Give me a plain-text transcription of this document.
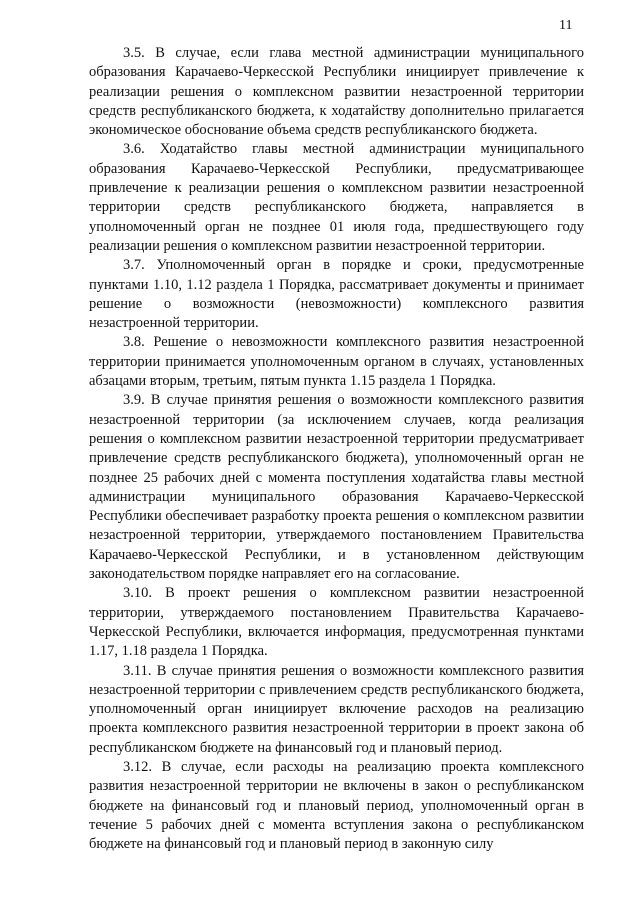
11

3.5. В случае, если глава местной администрации муниципального образования Карачаево-Черкесской Республики инициирует привлечение к реализации решения о комплексном развитии незастроенной территории средств республиканского бюджета, к ходатайству дополнительно прилагается экономическое обоснование объема средств республиканского бюджета.

3.6. Ходатайство главы местной администрации муниципального образования Карачаево-Черкесской Республики, предусматривающее привлечение к реализации решения о комплексном развитии незастроенной территории средств республиканского бюджета, направляется в уполномоченный орган не позднее 01 июля года, предшествующего году реализации решения о комплексном развитии незастроенной территории.

3.7. Уполномоченный орган в порядке и сроки, предусмотренные пунктами 1.10, 1.12 раздела 1 Порядка, рассматривает документы и принимает решение о возможности (невозможности) комплексного развития незастроенной территории.

3.8. Решение о невозможности комплексного развития незастроенной территории принимается уполномоченным органом в случаях, установленных абзацами вторым, третьим, пятым пункта 1.15 раздела 1 Порядка.

3.9. В случае принятия решения о возможности комплексного развития незастроенной территории (за исключением случаев, когда реализация решения о комплексном развитии незастроенной территории предусматривает привлечение средств республиканского бюджета), уполномоченный орган не позднее 25 рабочих дней с момента поступления ходатайства главы местной администрации муниципального образования Карачаево-Черкесской Республики обеспечивает разработку проекта решения о комплексном развитии незастроенной территории, утверждаемого постановлением Правительства Карачаево-Черкесской Республики, и в установленном действующим законодательством порядке направляет его на согласование.

3.10. В проект решения о комплексном развитии незастроенной территории, утверждаемого постановлением Правительства Карачаево-Черкесской Республики, включается информация, предусмотренная пунктами 1.17, 1.18 раздела 1 Порядка.

3.11. В случае принятия решения о возможности комплексного развития незастроенной территории с привлечением средств республиканского бюджета, уполномоченный орган инициирует включение расходов на реализацию проекта комплексного развития незастроенной территории в проект закона об республиканском бюджете на финансовый год и плановый период.

3.12. В случае, если расходы на реализацию проекта комплексного развития незастроенной территории не включены в закон о республиканском бюджете на финансовый год и плановый период, уполномоченный орган в течение 5 рабочих дней с момента вступления закона о республиканском бюджете на финансовый год и плановый период в законную силу
